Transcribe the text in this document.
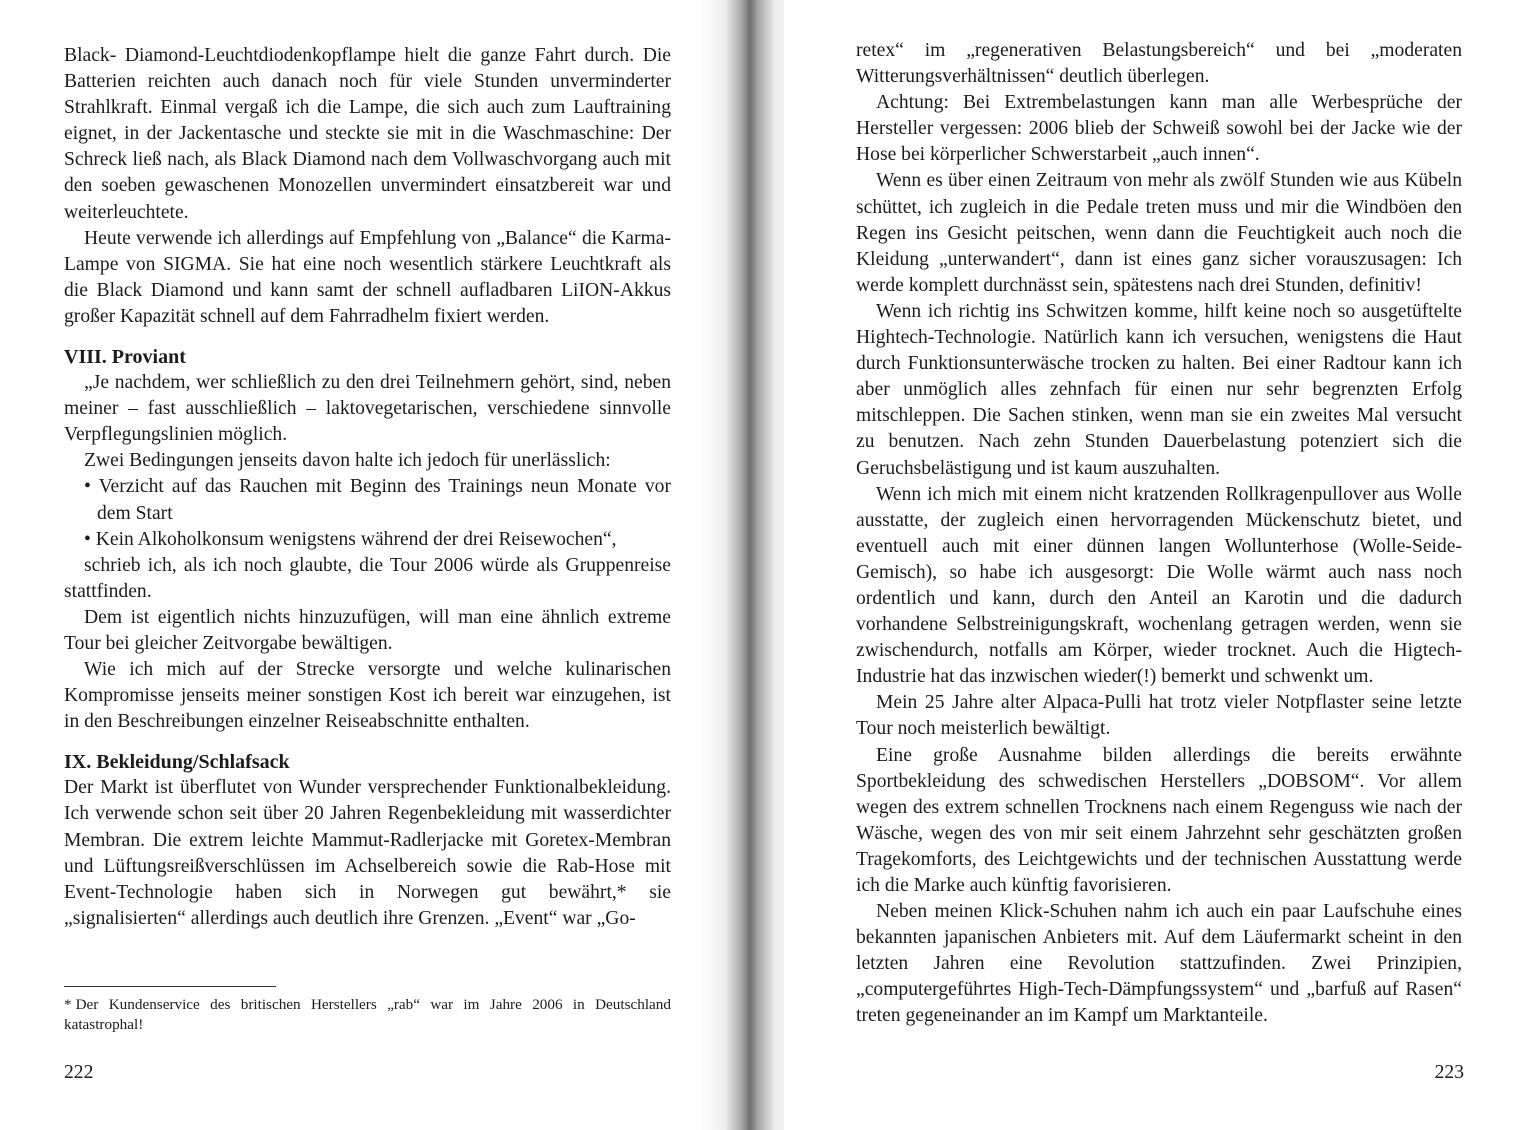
Black- Diamond-Leuchtdiodenkopflampe hielt die ganze Fahrt durch. Die Batterien reichten auch danach noch für viele Stunden unverminderter Strahlkraft. Einmal vergaß ich die Lampe, die sich auch zum Lauftraining eignet, in der Jackentasche und steckte sie mit in die Waschmaschine: Der Schreck ließ nach, als Black Diamond nach dem Vollwaschvorgang auch mit den soeben gewaschenen Monozellen unvermindert einsatzbereit war und weiterleuchtete.

Heute verwende ich allerdings auf Empfehlung von „Balance“ die Karma-Lampe von SIGMA. Sie hat eine noch wesentlich stärkere Leuchtkraft als die Black Diamond und kann samt der schnell aufladbaren LiION-Akkus großer Kapazität schnell auf dem Fahrradhelm fixiert werden.

VIII. Proviant

„Je nachdem, wer schließlich zu den drei Teilnehmern gehört, sind, neben meiner – fast ausschließlich – laktovegetarischen, verschiedene sinnvolle Verpflegungslinien möglich.

Zwei Bedingungen jenseits davon halte ich jedoch für unerlässlich:

• Verzicht auf das Rauchen mit Beginn des Trainings neun Monate vor dem Start
• Kein Alkoholkonsum wenigstens während der drei Reisewochen“,

schrieb ich, als ich noch glaubte, die Tour 2006 würde als Gruppenreise stattfinden.

Dem ist eigentlich nichts hinzuzufügen, will man eine ähnlich extreme Tour bei gleicher Zeitvorgabe bewältigen.

Wie ich mich auf der Strecke versorgte und welche kulinarischen Kompromisse jenseits meiner sonstigen Kost ich bereit war einzugehen, ist in den Beschreibungen einzelner Reiseabschnitte enthalten.

IX. Bekleidung/Schlafsack

Der Markt ist überflutet von Wunder versprechender Funktionalbekleidung. Ich verwende schon seit über 20 Jahren Regenbekleidung mit wasserdichter Membran. Die extrem leichte Mammut-Radlerjacke mit Goretex-Membran und Lüftungsreißverschlüssen im Achselbereich sowie die Rab-Hose mit Event-Technologie haben sich in Norwegen gut bewährt,* sie „signalisierten“ allerdings auch deutlich ihre Grenzen. „Event“ war „Go-

* Der Kundenservice des britischen Herstellers „rab“ war im Jahre 2006 in Deutschland katastrophal!
222

retex“ im „regenerativen Belastungsbereich“ und bei „moderaten Witterungsverhältnissen“ deutlich überlegen.

Achtung: Bei Extrembelastungen kann man alle Werbesprüche der Hersteller vergessen: 2006 blieb der Schweiß sowohl bei der Jacke wie der Hose bei körperlicher Schwerstarbeit „auch innen“.

Wenn es über einen Zeitraum von mehr als zwölf Stunden wie aus Kübeln schüttet, ich zugleich in die Pedale treten muss und mir die Windböen den Regen ins Gesicht peitschen, wenn dann die Feuchtigkeit auch noch die Kleidung „unterwandert“, dann ist eines ganz sicher vorauszusagen: Ich werde komplett durchnässt sein, spätestens nach drei Stunden, definitiv!

Wenn ich richtig ins Schwitzen komme, hilft keine noch so ausgetüftelte Hightech-Technologie. Natürlich kann ich versuchen, wenigstens die Haut durch Funktionsunterwäsche trocken zu halten. Bei einer Radtour kann ich aber unmöglich alles zehnfach für einen nur sehr begrenzten Erfolg mitschleppen. Die Sachen stinken, wenn man sie ein zweites Mal versucht zu benutzen. Nach zehn Stunden Dauerbelastung potenziert sich die Geruchsbelästigung und ist kaum auszuhalten.

Wenn ich mich mit einem nicht kratzenden Rollkragenpullover aus Wolle ausstatte, der zugleich einen hervorragenden Mückenschutz bietet, und eventuell auch mit einer dünnen langen Wollunterhose (Wolle-Seide-Gemisch), so habe ich ausgesorgt: Die Wolle wärmt auch nass noch ordentlich und kann, durch den Anteil an Karotin und die dadurch vorhandene Selbstreinigungskraft, wochenlang getragen werden, wenn sie zwischendurch, notfalls am Körper, wieder trocknet. Auch die Higtech-Industrie hat das inzwischen wieder(!) bemerkt und schwenkt um.

Mein 25 Jahre alter Alpaca-Pulli hat trotz vieler Notpflaster seine letzte Tour noch meisterlich bewältigt.

Eine große Ausnahme bilden allerdings die bereits erwähnte Sportbekleidung des schwedischen Herstellers „DOBSOM“. Vor allem wegen des extrem schnellen Trocknens nach einem Regenguss wie nach der Wäsche, wegen des von mir seit einem Jahrzehnt sehr geschätzten großen Tragekomforts, des Leichtgewichts und der technischen Ausstattung werde ich die Marke auch künftig favorisieren.

Neben meinen Klick-Schuhen nahm ich auch ein paar Laufschuhe eines bekannten japanischen Anbieters mit. Auf dem Läufermarkt scheint in den letzten Jahren eine Revolution stattzufinden. Zwei Prinzipien, „computergeführtes High-Tech-Dämpfungssystem“ und „barfuß auf Rasen“ treten gegeneinander an im Kampf um Marktanteile.

223
